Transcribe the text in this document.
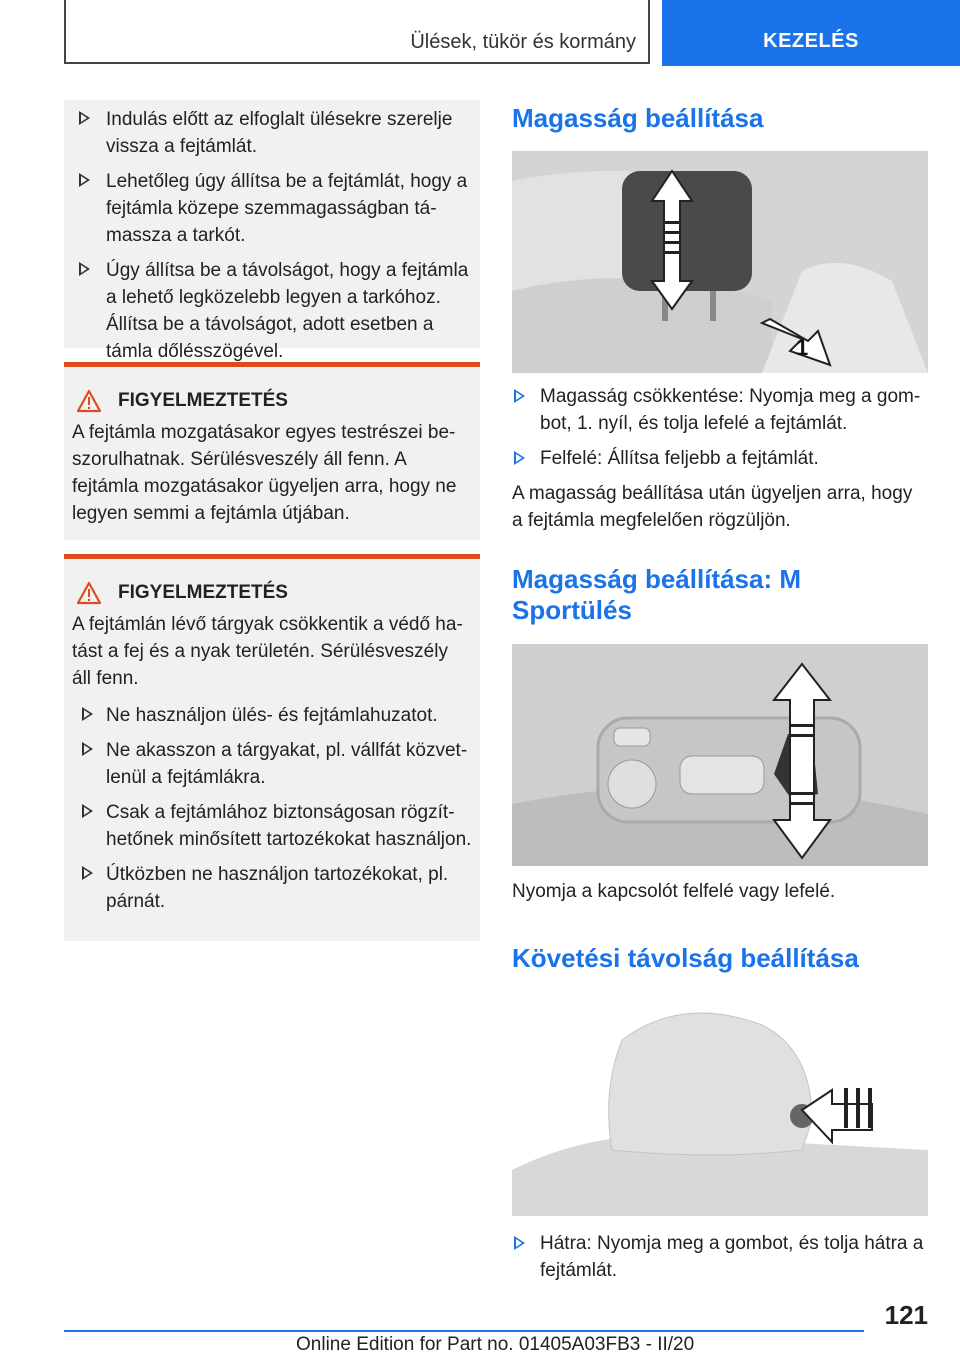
Ülések, tükör és kormány	KEZELÉS
Indulás előtt az elfoglalt ülésekre szerelje vissza a fejtámlát.
Lehetőleg úgy állítsa be a fejtámlát, hogy a fejtámla közepe szemmagasságban támassza a tarkót.
Úgy állítsa be a távolságot, hogy a fejtámla a lehető legközelebb legyen a tarkóhoz. Állítsa be a távolságot, adott esetben a támla dőlésszögével.
FIGYELMEZTETÉS

A fejtámla mozgatásakor egyes testrészei beszorulhatnak. Sérülésveszély áll fenn. A fejtámla mozgatásakor ügyeljen arra, hogy ne legyen semmi a fejtámla útjában.

FIGYELMEZTETÉS

A fejtámlán lévő tárgyak csökkentik a védő hatást a fej és a nyak területén. Sérülésveszély áll fenn.

Ne használjon ülés- és fejtámlahuzatot.
Ne akasszon a tárgyakat, pl. vállfát közvetlenül a fejtámlákra.
Csak a fejtámlához biztonságosan rögzíthetőnek minősített tartozékokat használjon.
Útközben ne használjon tartozékokat, pl. párnát.
Magasság beállítása
1
Magasság csökkentése: Nyomja meg a gombot, 1. nyíl, és tolja lefelé a fejtámlát.
Felfelé: Állítsa feljebb a fejtámlát.

A magasság beállítása után ügyeljen arra, hogy a fejtámla megfelelően rögzüljön.

Magasság beállítása: M Sportülés

Nyomja a kapcsolót felfelé vagy lefelé.

Követési távolság beállítása
Hátra: Nyomja meg a gombot, és tolja hátra a fejtámlát.
121
Online Edition for Part no. 01405A03FB3 - II/20
